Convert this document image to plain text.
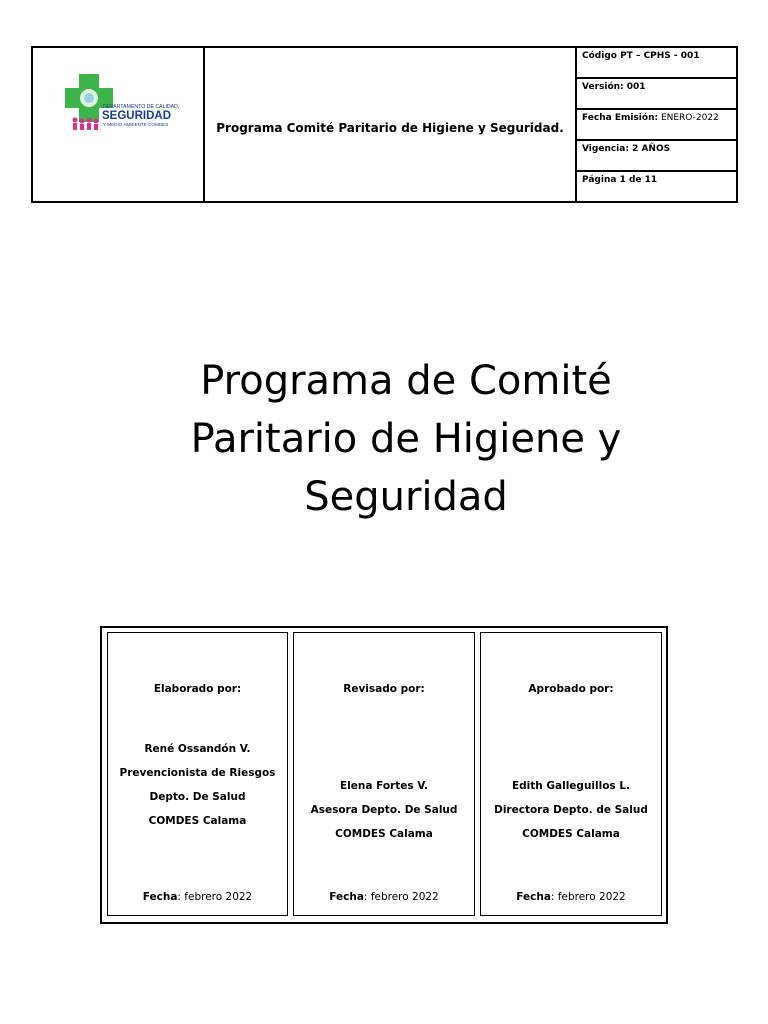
DEPARTAMENTO DE CALIDAD,
SEGURIDAD
Y MEDIO AMBIENTE COMDES	Programa Comité Paritario de Higiene y Seguridad.
Código PT – CPHS - 001
Versión: 001
Fecha Emisión: ENERO-2022
Vigencia: 2 AÑOS
Página 1 de 11
Programa de Comité
Paritario de Higiene y
Seguridad
Elaborado por:
René Ossandón V.
Prevencionista de Riesgos
Depto. De Salud
COMDES Calama
Fecha: febrero 2022
Revisado por:
Elena Fortes V.
Asesora Depto. De Salud
COMDES Calama
Fecha: febrero 2022
Aprobado por:
Edith Galleguillos L.
Directora Depto. de Salud
COMDES Calama
Fecha: febrero 2022
